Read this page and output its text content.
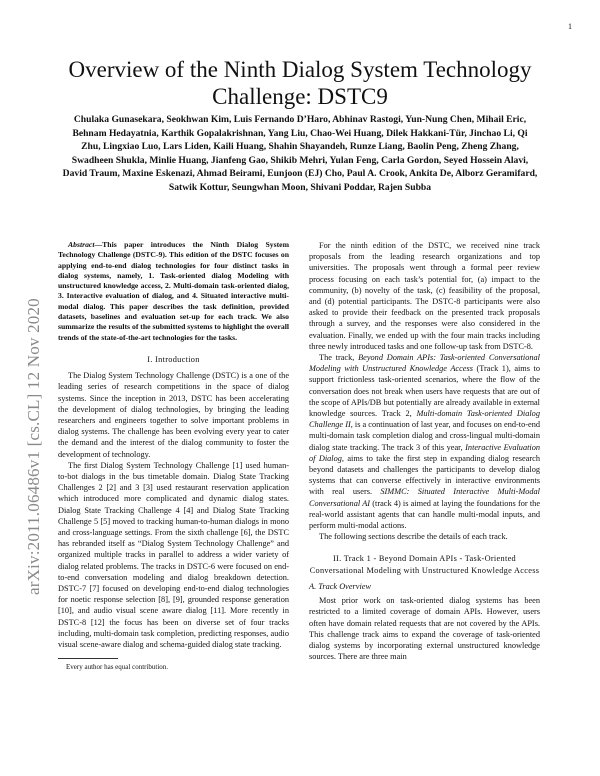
1
arXiv:2011.06486v1 [cs.CL] 12 Nov 2020
Overview of the Ninth Dialog System Technology Challenge: DSTC9
Chulaka Gunasekara, Seokhwan Kim, Luis Fernando D’Haro, Abhinav Rastogi, Yun-Nung Chen, Mihail Eric, Behnam Hedayatnia, Karthik Gopalakrishnan, Yang Liu, Chao-Wei Huang, Dilek Hakkani-Tür, Jinchao Li, Qi Zhu, Lingxiao Luo, Lars Liden, Kaili Huang, Shahin Shayandeh, Runze Liang, Baolin Peng, Zheng Zhang, Swadheen Shukla, Minlie Huang, Jianfeng Gao, Shikib Mehri, Yulan Feng, Carla Gordon, Seyed Hossein Alavi, David Traum, Maxine Eskenazi, Ahmad Beirami, Eunjoon (EJ) Cho, Paul A. Crook, Ankita De, Alborz Geramifard, Satwik Kottur, Seungwhan Moon, Shivani Poddar, Rajen Subba

Abstract—This paper introduces the Ninth Dialog System Technology Challenge (DSTC-9). This edition of the DSTC focuses on applying end-to-end dialog technologies for four distinct tasks in dialog systems, namely, 1. Task-oriented dialog Modeling with unstructured knowledge access, 2. Multi-domain task-oriented dialog, 3. Interactive evaluation of dialog, and 4. Situated interactive multi-modal dialog. This paper describes the task definition, provided datasets, baselines and evaluation set-up for each track. We also summarize the results of the submitted systems to highlight the overall trends of the state-of-the-art technologies for the tasks.

I. Introduction

The Dialog System Technology Challenge (DSTC) is a one of the leading series of research competitions in the space of dialog systems. Since the inception in 2013, DSTC has been accelerating the development of dialog technologies, by bringing the leading researchers and engineers together to solve important problems in dialog systems. The challenge has been evolving every year to cater the demand and the interest of the dialog community to foster the development of technology.

The first Dialog System Technology Challenge [1] used human-to-bot dialogs in the bus timetable domain. Dialog State Tracking Challenges 2 [2] and 3 [3] used restaurant reservation application which introduced more complicated and dynamic dialog states. Dialog State Tracking Challenge 4 [4] and Dialog State Tracking Challenge 5 [5] moved to tracking human-to-human dialogs in mono and cross-language settings. From the sixth challenge [6], the DSTC has rebranded itself as “Dialog System Technology Challenge” and organized multiple tracks in parallel to address a wider variety of dialog related problems. The tracks in DSTC-6 were focused on end-to-end conversation modeling and dialog breakdown detection. DSTC-7 [7] focused on developing end-to-end dialog technologies for noetic response selection [8], [9], grounded response generation [10], and audio visual scene aware dialog [11]. More recently in DSTC-8 [12] the focus has been on diverse set of four tracks including, multi-domain task completion, predicting responses, audio visual scene-aware dialog and schema-guided dialog state tracking.

Every author has equal contribution.

For the ninth edition of the DSTC, we received nine track proposals from the leading research organizations and top universities. The proposals went through a formal peer review process focusing on each task’s potential for, (a) impact to the community, (b) novelty of the task, (c) feasibility of the proposal, and (d) potential participants. The DSTC-8 participants were also asked to provide their feedback on the presented track proposals through a survey, and the responses were also considered in the evaluation. Finally, we ended up with the four main tracks including three newly introduced tasks and one follow-up task from DSTC-8.

The track, Beyond Domain APIs: Task-oriented Conversational Modeling with Unstructured Knowledge Access (Track 1), aims to support frictionless task-oriented scenarios, where the flow of the conversation does not break when users have requests that are out of the scope of APIs/DB but potentially are already available in external knowledge sources. Track 2, Multi-domain Task-oriented Dialog Challenge II, is a continuation of last year, and focuses on end-to-end multi-domain task completion dialog and cross-lingual multi-domain dialog state tracking. The track 3 of this year, Interactive Evaluation of Dialog, aims to take the first step in expanding dialog research beyond datasets and challenges the participants to develop dialog systems that can converse effectively in interactive environments with real users. SIMMC: Situated Interactive Multi-Modal Conversational AI (track 4) is aimed at laying the foundations for the real-world assistant agents that can handle multi-modal inputs, and perform multi-modal actions.

The following sections describe the details of each track.

II. Track 1 - Beyond Domain APIs - Task-Oriented Conversational Modeling with Unstructured Knowledge Access
A. Track Overview

Most prior work on task-oriented dialog systems has been restricted to a limited coverage of domain APIs. However, users often have domain related requests that are not covered by the APIs. This challenge track aims to expand the coverage of task-oriented dialog systems by incorporating external unstructured knowledge sources. There are three main
